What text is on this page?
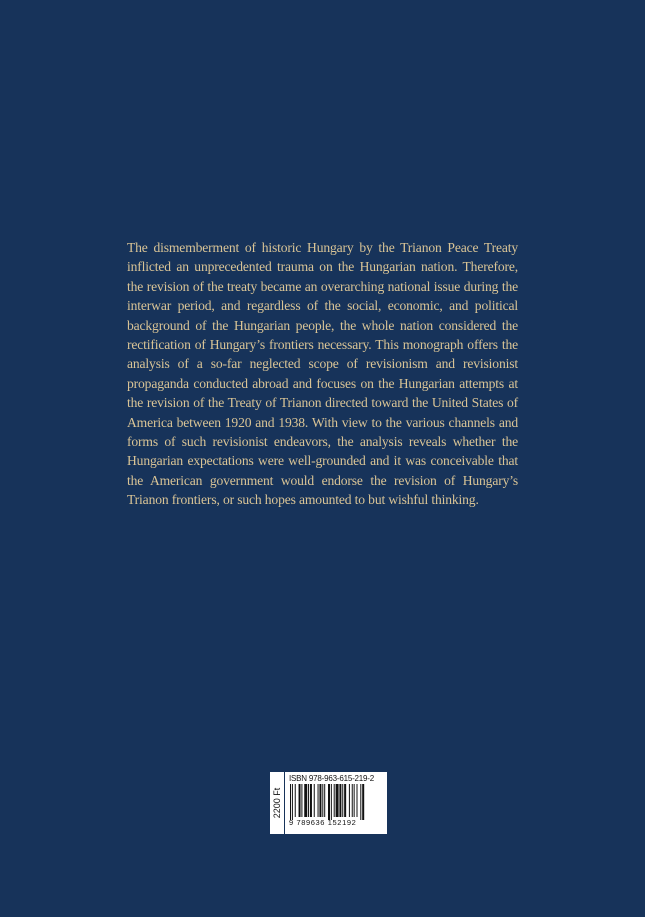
The dismemberment of historic Hungary by the Trianon Peace Treaty inflicted an unprecedented trauma on the Hungarian nation. Therefore, the revision of the treaty became an overarching national issue during the interwar period, and regardless of the social, economic, and political background of the Hungarian people, the whole nation considered the rectification of Hungary’s frontiers necessary. This monograph offers the analysis of a so-far neglected scope of revisionism and revisionist propaganda conducted abroad and focuses on the Hungarian attempts at the revision of the Treaty of Trianon directed toward the United States of America between 1920 and 1938. With view to the various channels and forms of such revisionist endeavors, the analysis reveals whether the Hungarian expectations were well-grounded and it was conceivable that the American government would endorse the revision of Hungary’s Trianon frontiers, or such hopes amounted to but wishful thinking.

2200 Ft
ISBN 978-963-615-219-2
9 789636 152192
